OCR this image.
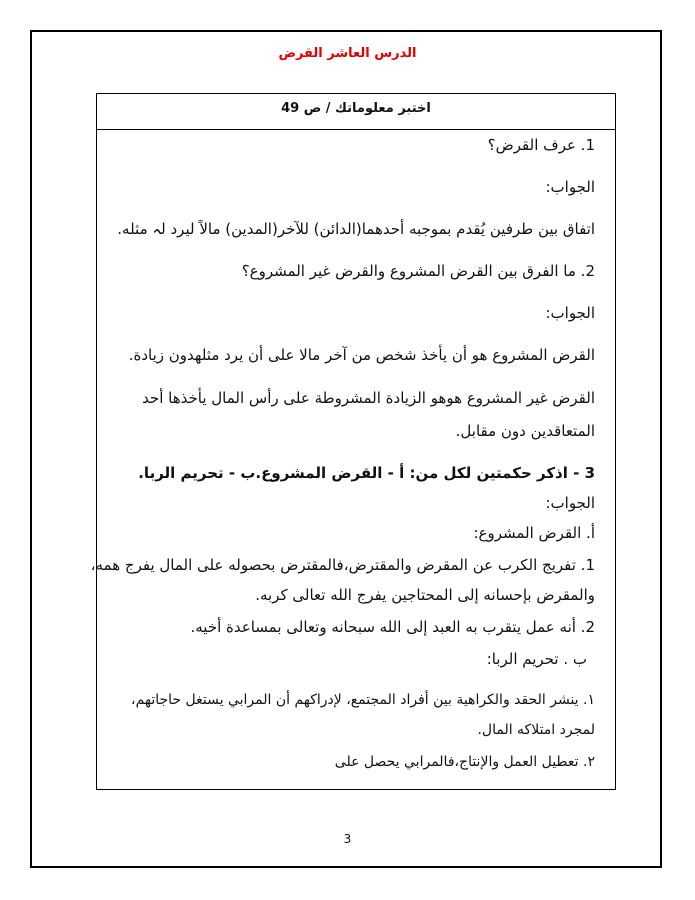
الدرس العاشر القرض
اختبر معلوماتك / ص 49
1. عرف القرض؟
الجواب:
اتفاق بين طرفين يُقدم بموجبه أحدهما(الدائن) للآخر(المدين) مالاً ليرد لہ مثله.
2. ما الفرق بين القرض المشروع والقرض غير المشروع؟
الجواب:
القرض المشروع هو أن يأخذ شخص من آخر مالا على أن يرد مثلهدون زيادة.
القرض غير المشروع هوهو الزيادة المشروطة على رأس المال يأخذها أحد
المتعاقدين دون مقابل.
3 - اذكر حكمتين لكل من: أ - القرض المشروع.ب - تحريم الربا.
الجواب:
أ. القرض المشروع:
1. تفريج الكرب عن المقرض والمقترض،فالمقترض بحصوله على المال يفرج همه،
والمقرض بإحسانه إلى المحتاجين يفرج الله تعالى كربه.
2. أنه عمل يتقرب به العبد إلى الله سبحانه وتعالى بمساعدة أخيه.
ب . تحريم الربا:
١. ينشر الحقد والكراهية بين أفراد المجتمع، لإدراكهم أن المرابي يستغل حاجاتهم،
لمجرد امتلاكه المال.
٢. تعطيل العمل والإنتاج،فالمرابي يحصل على
3
